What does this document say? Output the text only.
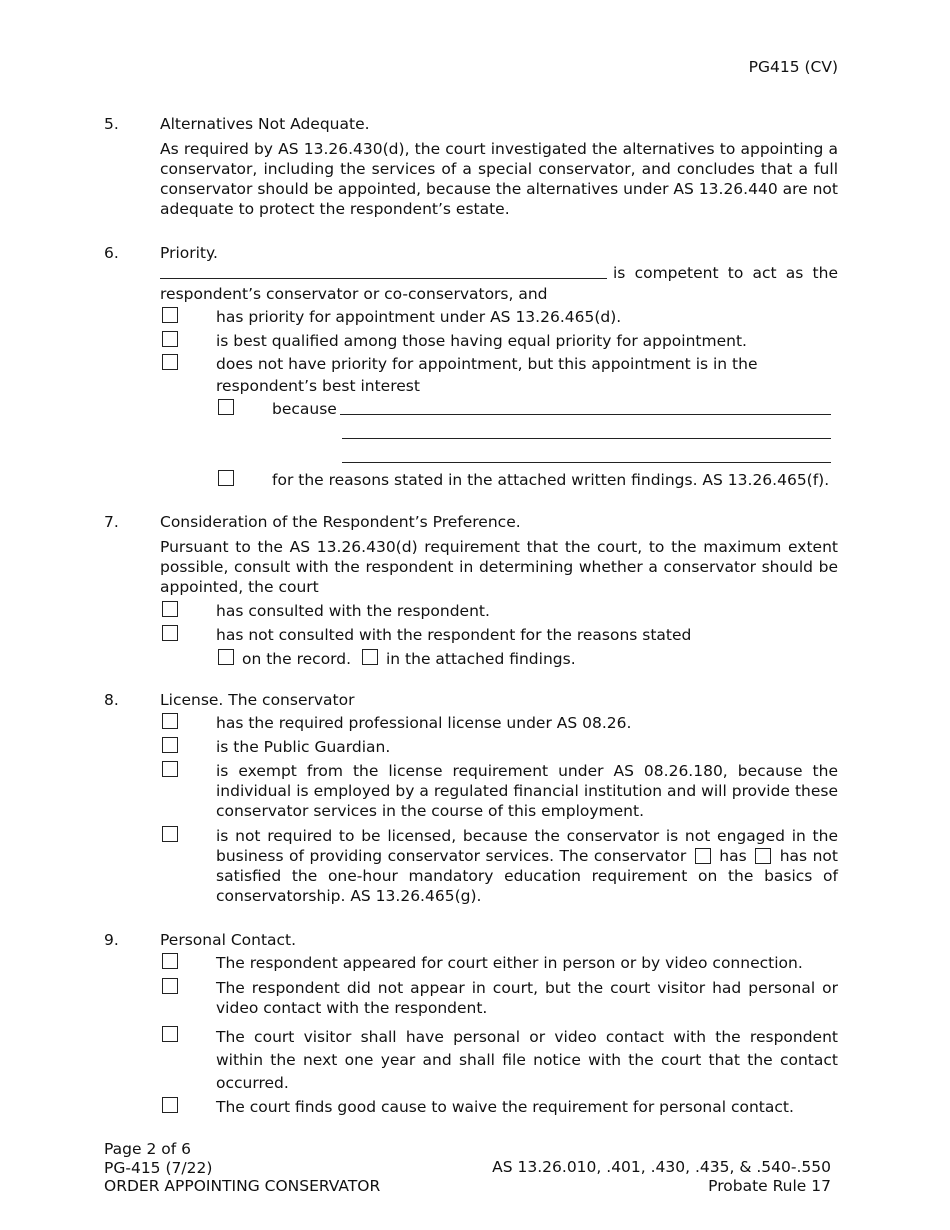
PG415 (CV)
5.	Alternatives Not Adequate.
As required by AS 13.26.430(d), the court investigated the alternatives to appointing a conservator, including the services of a special conservator, and concludes that a full conservator should be appointed, because the alternatives under AS 13.26.440 are not adequate to protect the respondent’s estate.
6.	Priority.
is competent to act as the
respondent’s conservator or co-conservators, and
has priority for appointment under AS 13.26.465(d).
is best qualified among those having equal priority for appointment.
does not have priority for appointment, but this appointment is in the
respondent’s best interest
because
for the reasons stated in the attached written findings. AS 13.26.465(f).
7.	Consideration of the Respondent’s Preference.
Pursuant to the AS 13.26.430(d) requirement that the court, to the maximum extent possible, consult with the respondent in determining whether a conservator should be appointed, the court
has consulted with the respondent.
has not consulted with the respondent for the reasons stated
on the record. in the attached findings.
8.	License. The conservator
has the required professional license under AS 08.26.
is the Public Guardian.
is exempt from the license requirement under AS 08.26.180, because the individual is employed by a regulated financial institution and will provide these conservator services in the course of this employment.
is not required to be licensed, because the conservator is not engaged in the business of providing conservator services. The conservator has has not satisfied the one-hour mandatory education requirement on the basics of conservatorship. AS 13.26.465(g).
9.	Personal Contact.
The respondent appeared for court either in person or by video connection.
The respondent did not appear in court, but the court visitor had personal or video contact with the respondent.
The court visitor shall have personal or video contact with the respondent within the next one year and shall file notice with the court that the contact occurred.
The court finds good cause to waive the requirement for personal contact.
Page 2 of 6
PG-415 (7/22)
ORDER APPOINTING CONSERVATOR
AS 13.26.010, .401, .430, .435, & .540-.550
Probate Rule 17
